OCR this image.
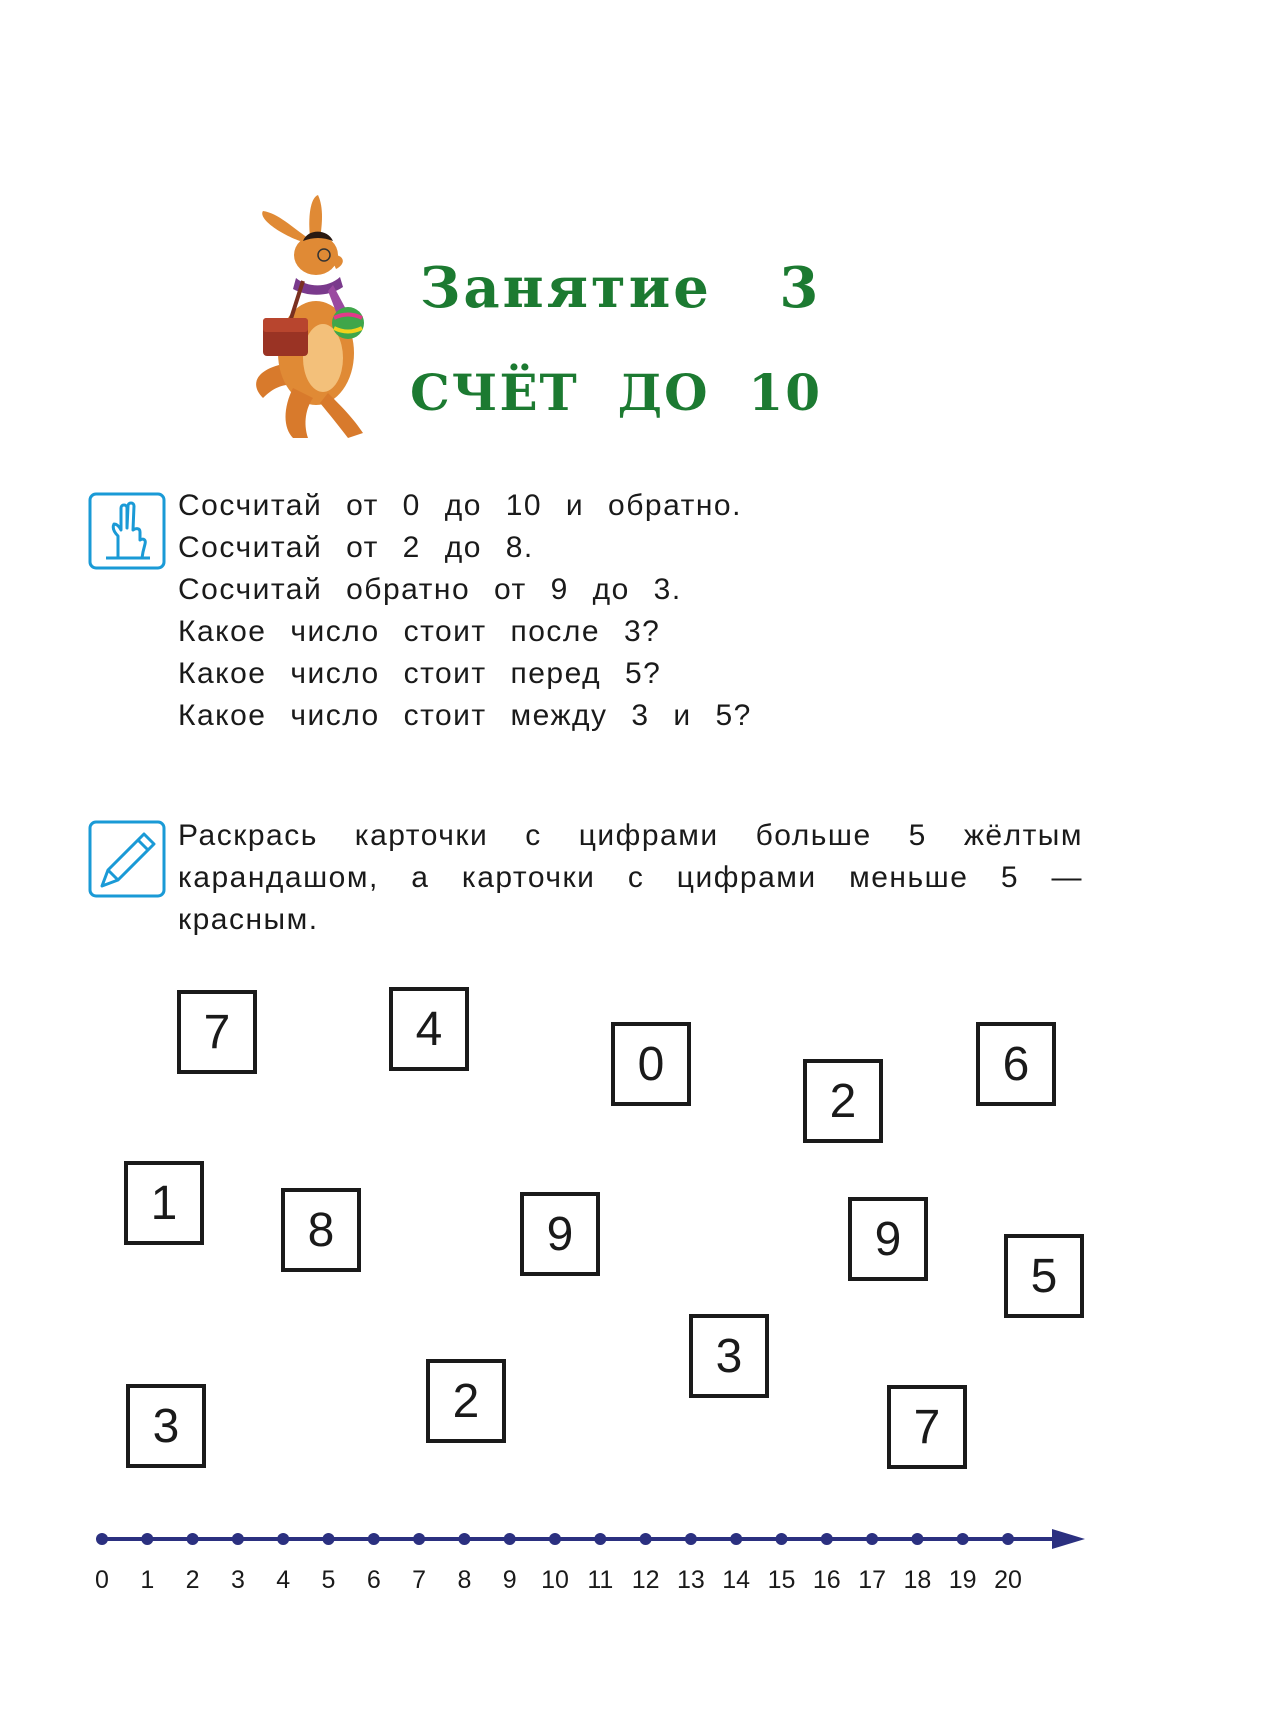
Занятие   3
СЧЁТ  ДО  10
Сосчитай от 0 до 10 и обратно.
Сосчитай от 2 до 8.
Сосчитай обратно от 9 до 3.
Какое число стоит после 3?
Какое число стоит перед 5?
Какое число стоит между 3 и 5?
Раскрась карточки с цифрами больше 5 жёлтым карандашом, а карточки с цифрами меньше 5 — красным.
7	4
0
2
6
1
8	9	9
5
3
3	2	7
0 1 2 3 4 5 6 7 8 9 10 11 12 13 14 15 16 17 18 19 20
